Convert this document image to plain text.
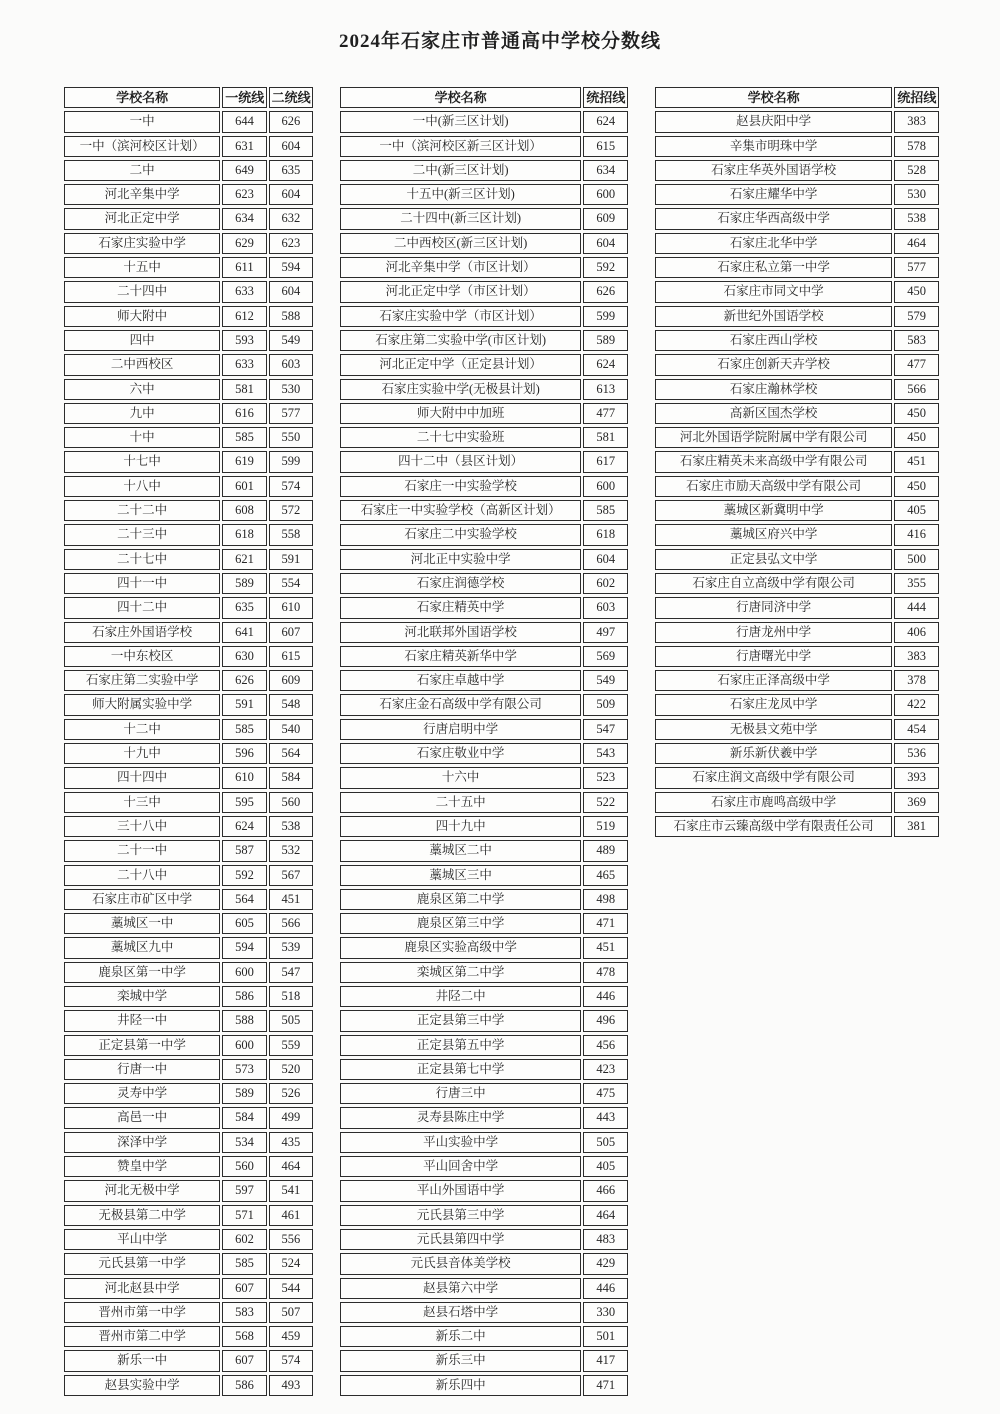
2024年石家庄市普通高中学校分数线
学校名称	一统线	二统线
一中	644	626
一中（滨河校区计划）	631	604
二中	649	635
河北辛集中学	623	604
河北正定中学	634	632
石家庄实验中学	629	623
十五中	611	594
二十四中	633	604
师大附中	612	588
四中	593	549
二中西校区	633	603
六中	581	530
九中	616	577
十中	585	550
十七中	619	599
十八中	601	574
二十二中	608	572
二十三中	618	558
二十七中	621	591
四十一中	589	554
四十二中	635	610
石家庄外国语学校	641	607
一中东校区	630	615
石家庄第二实验中学	626	609
师大附属实验中学	591	548
十二中	585	540
十九中	596	564
四十四中	610	584
十三中	595	560
三十八中	624	538
二十一中	587	532
二十八中	592	567
石家庄市矿区中学	564	451
藁城区一中	605	566
藁城区九中	594	539
鹿泉区第一中学	600	547
栾城中学	586	518
井陉一中	588	505
正定县第一中学	600	559
行唐一中	573	520
灵寿中学	589	526
高邑一中	584	499
深泽中学	534	435
赞皇中学	560	464
河北无极中学	597	541
无极县第二中学	571	461
平山中学	602	556
元氏县第一中学	585	524
河北赵县中学	607	544
晋州市第一中学	583	507
晋州市第二中学	568	459
新乐一中	607	574
赵县实验中学	586	493
学校名称	统招线
一中(新三区计划)	624
一中（滨河校区新三区计划）	615
二中(新三区计划)	634
十五中(新三区计划)	600
二十四中(新三区计划)	609
二中西校区(新三区计划)	604
河北辛集中学（市区计划）	592
河北正定中学（市区计划）	626
石家庄实验中学（市区计划）	599
石家庄第二实验中学(市区计划)	589
河北正定中学（正定县计划）	624
石家庄实验中学(无极县计划)	613
师大附中中加班	477
二十七中实验班	581
四十二中（县区计划）	617
石家庄一中实验学校	600
石家庄一中实验学校（高新区计划）	585
石家庄二中实验学校	618
河北正中实验中学	604
石家庄润德学校	602
石家庄精英中学	603
河北联邦外国语学校	497
石家庄精英新华中学	569
石家庄卓越中学	549
石家庄金石高级中学有限公司	509
行唐启明中学	547
石家庄敬业中学	543
十六中	523
二十五中	522
四十九中	519
藁城区二中	489
藁城区三中	465
鹿泉区第二中学	498
鹿泉区第三中学	471
鹿泉区实验高级中学	451
栾城区第二中学	478
井陉二中	446
正定县第三中学	496
正定县第五中学	456
正定县第七中学	423
行唐三中	475
灵寿县陈庄中学	443
平山实验中学	505
平山回舍中学	405
平山外国语中学	466
元氏县第三中学	464
元氏县第四中学	483
元氏县音体美学校	429
赵县第六中学	446
赵县石塔中学	330
新乐二中	501
新乐三中	417
新乐四中	471
学校名称	统招线
赵县庆阳中学	383
辛集市明珠中学	578
石家庄华英外国语学校	528
石家庄耀华中学	530
石家庄华西高级中学	538
石家庄北华中学	464
石家庄私立第一中学	577
石家庄市同文中学	450
新世纪外国语学校	579
石家庄西山学校	583
石家庄创新天卉学校	477
石家庄瀚林学校	566
高新区国杰学校	450
河北外国语学院附属中学有限公司	450
石家庄精英未来高级中学有限公司	451
石家庄市励天高级中学有限公司	450
藁城区新冀明中学	405
藁城区府兴中学	416
正定县弘文中学	500
石家庄自立高级中学有限公司	355
行唐同济中学	444
行唐龙州中学	406
行唐曙光中学	383
石家庄正泽高级中学	378
石家庄龙凤中学	422
无极县文苑中学	454
新乐新伏羲中学	536
石家庄润文高级中学有限公司	393
石家庄市鹿鸣高级中学	369
石家庄市云臻高级中学有限责任公司	381
